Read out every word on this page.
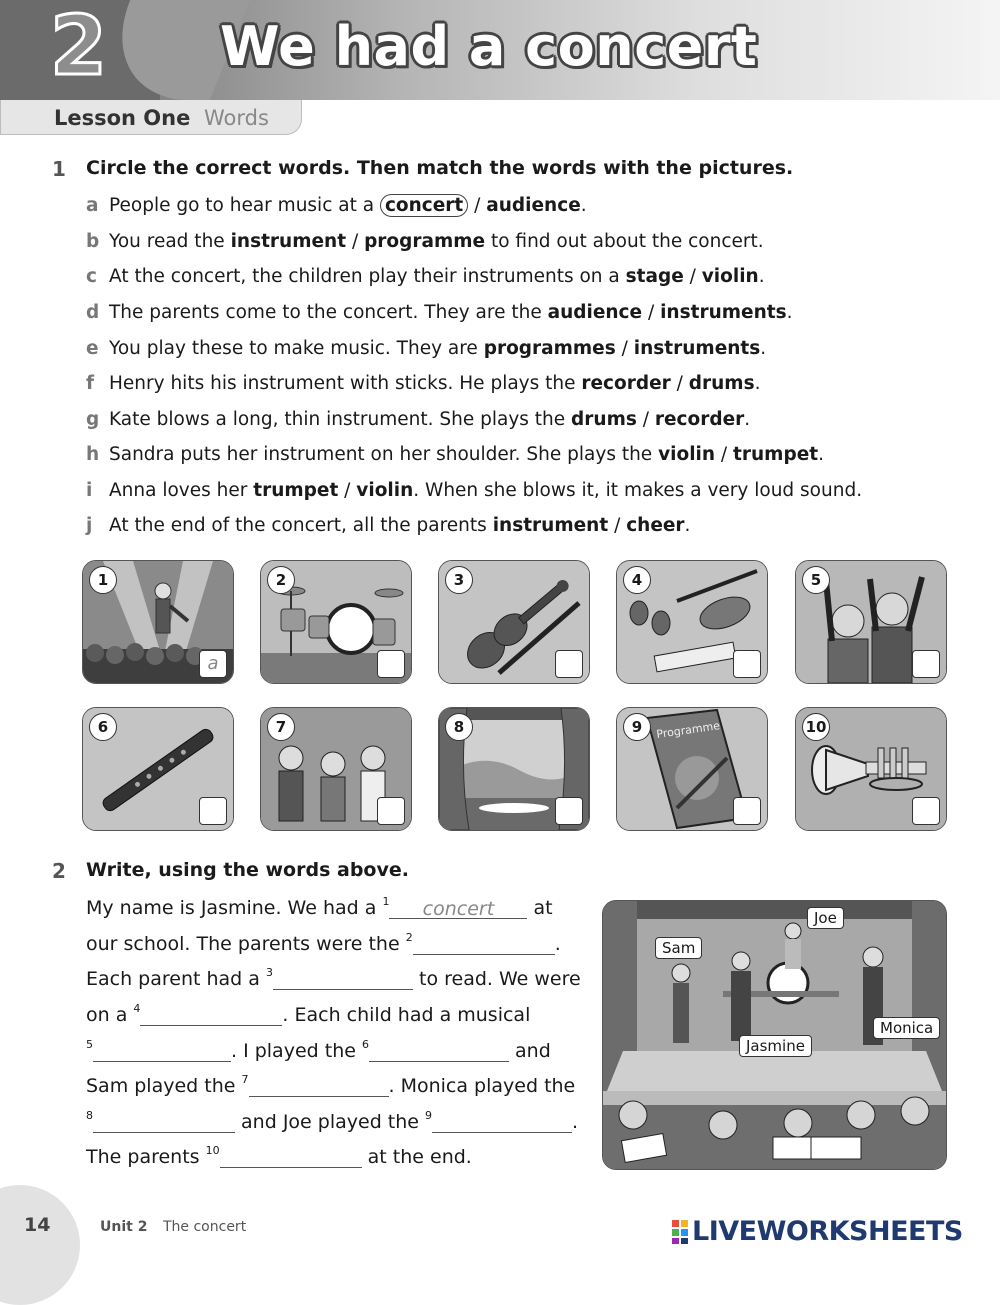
2 We had a concert
Lesson One Words
1 Circle the correct words. Then match the words with the pictures.
a People go to hear music at a concert / audience.
b You read the instrument / programme to find out about the concert.
c At the concert, the children play their instruments on a stage / violin.
d The parents come to the concert. They are the audience / instruments.
e You play these to make music. They are programmes / instruments.
f Henry hits his instrument with sticks. He plays the recorder / drums.
g Kate blows a long, thin instrument. She plays the drums / recorder.
h Sandra puts her instrument on her shoulder. She plays the violin / trumpet.
i Anna loves her trumpet / violin. When she blows it, it makes a very loud sound.
j At the end of the concert, all the parents instrument / cheer.
1
a
2	3	4	5
6	7	8	Programme
9	10
2 Write, using the words above.
My name is Jasmine. We had a $^1$ concert at
our school. The parents were the $^2$	.
Each parent had a $^3$	to read. We were
on a $^4$	. Each child had a musical
$^5$	. I played the $^6$	and
Sam played the $^7$	. Monica played the
$^8$	and Joe played the $^9$	.
The parents $^{10}$	at the end.
Joe
Sam
Monica
Jasmine
14	Unit 2 The concert	LIVEWORKSHEETS
